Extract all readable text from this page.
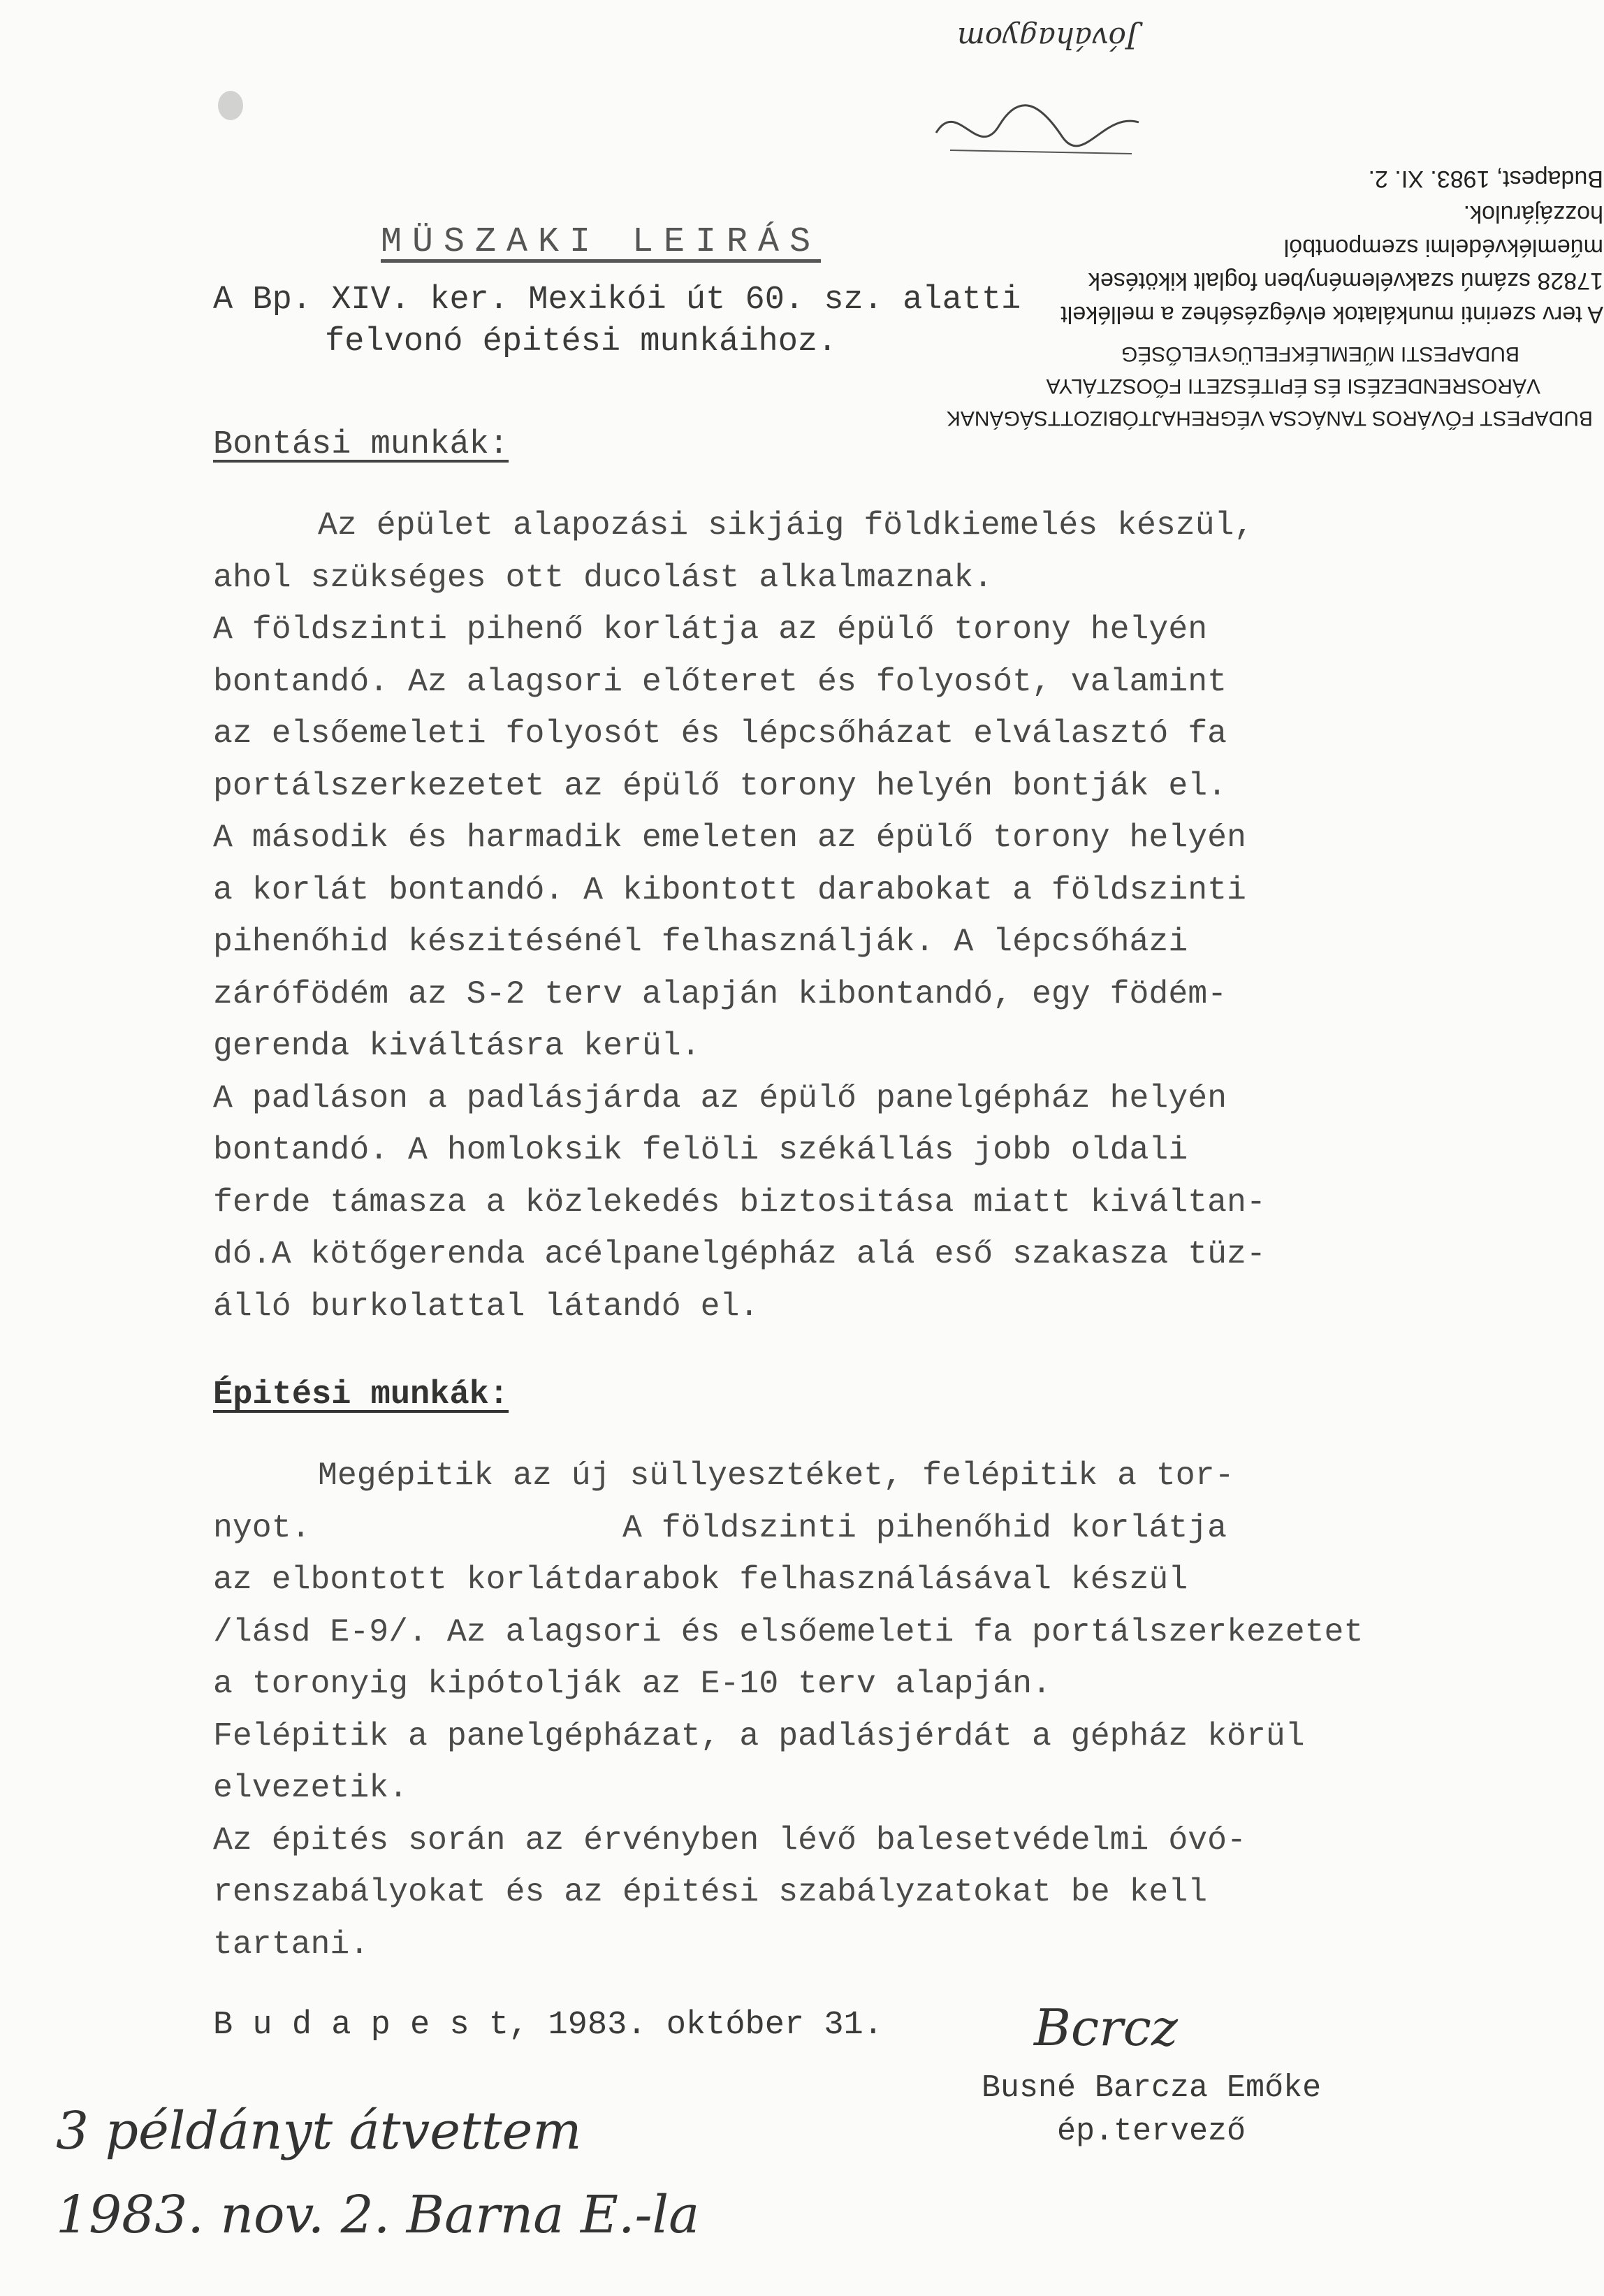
BUDAPEST FŐVÁROS TANÁCSA VÉGREHAJTÓBIZOTTSÁGÁNAK
VÁROSRENDEZÉSI ÉS ÉPITÉSZETI FŐOSZTÁLYA
BUDAPESTI MŰEMLÉKFELÜGYELŐSÉG
A terv szerinti munkálatok elvégzéséhez a mellékelt
17828 számú szakvéleményben foglalt kikötések
műemlékvédelmi szempontból
hozzájárulok.
Budapest, 1983. XI. 2.
Jóváhagyom
MÜSZAKI LEIRÁS
A Bp. XIV. ker. Mexikói út 60. sz. alatti
felvonó épitési munkáihoz.
Bontási munkák:
Az épület alapozási sikjáig földkiemelés készül,
ahol szükséges ott ducolást alkalmaznak.
A földszinti pihenő korlátja az épülő torony helyén
bontandó. Az alagsori előteret és folyosót, valamint
az elsőemeleti folyosót és lépcsőházat elválasztó fa
portálszerkezetet az épülő torony helyén bontják el.
A második és harmadik emeleten az épülő torony helyén
a korlát bontandó. A kibontott darabokat a földszinti
pihenőhid készitésénél felhasználják. A lépcsőházi
zárófödém az S-2 terv alapján kibontandó, egy födém-
gerenda kiváltásra kerül.
A padláson a padlásjárda az épülő panelgépház helyén
bontandó. A homloksik felöli székállás jobb oldali
ferde támasza a közlekedés biztositása miatt kiváltan-
dó.A kötőgerenda acélpanelgépház alá eső szakasza tüz-
álló burkolattal látandó el.
Épitési munkák:
Megépitik az új süllyesztéket, felépitik a tor-
nyot.                A földszinti pihenőhid korlátja
az elbontott korlátdarabok felhasználásával készül
/lásd E-9/. Az alagsori és elsőemeleti fa portálszerkezetet
a toronyig kipótolják az E-10 terv alapján.
Felépitik a panelgépházat, a padlásjérdát a gépház körül
elvezetik.
Az épités során az érvényben lévő balesetvédelmi óvó-
renszabályokat és az épitési szabályzatokat be kell
tartani.
B u d a p e s t, 1983. október 31.	Bcrcz
Busné Barcza Emőke
ép.tervező
3 példányt átvettem
1983. nov. 2. Barna E.-la
